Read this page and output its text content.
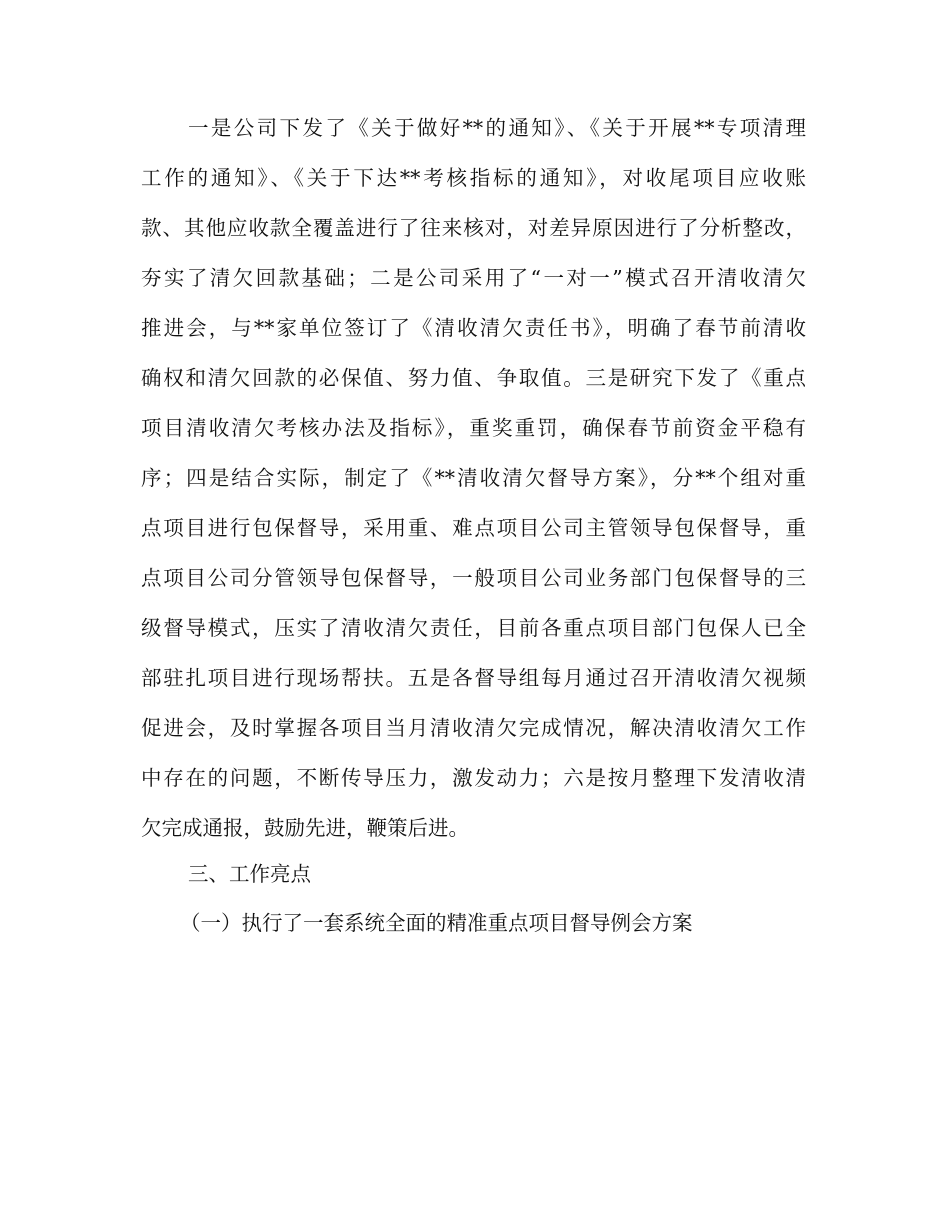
一是公司下发了《关于做好**的通知》、《关于开展**专项清理
工作的通知》、《关于下达**考核指标的通知》，对收尾项目应收账
款、其他应收款全覆盖进行了往来核对，对差异原因进行了分析整改，
夯实了清欠回款基础；二是公司采用了“一对一”模式召开清收清欠
推进会，与**家单位签订了《清收清欠责任书》，明确了春节前清收
确权和清欠回款的必保值、努力值、争取值。三是研究下发了《重点
项目清收清欠考核办法及指标》，重奖重罚，确保春节前资金平稳有
序；四是结合实际，制定了《**清收清欠督导方案》，分**个组对重
点项目进行包保督导，采用重、难点项目公司主管领导包保督导，重
点项目公司分管领导包保督导，一般项目公司业务部门包保督导的三
级督导模式，压实了清收清欠责任，目前各重点项目部门包保人已全
部驻扎项目进行现场帮扶。五是各督导组每月通过召开清收清欠视频
促进会，及时掌握各项目当月清收清欠完成情况，解决清收清欠工作
中存在的问题，不断传导压力，激发动力；六是按月整理下发清收清
欠完成通报，鼓励先进，鞭策后进。
三、工作亮点
（一）执行了一套系统全面的精准重点项目督导例会方案
